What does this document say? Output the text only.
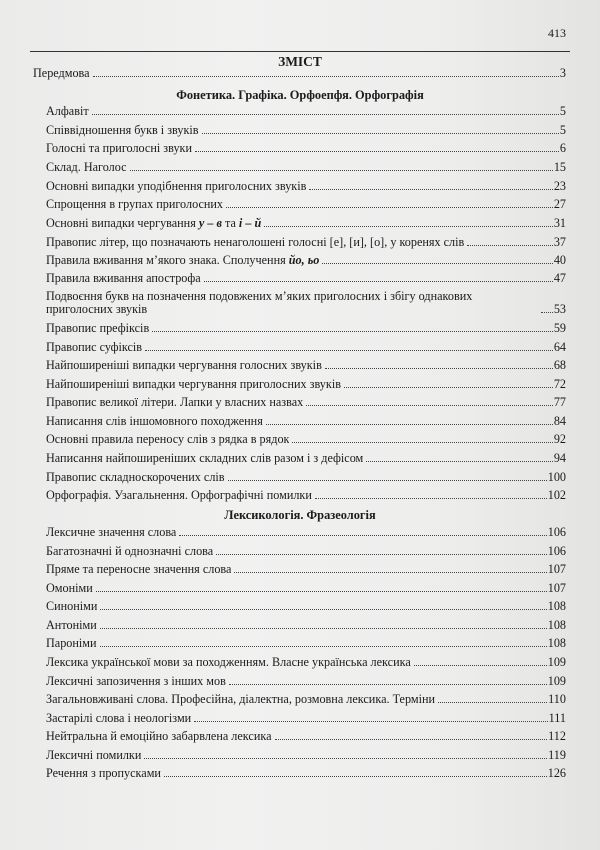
413
ЗМІСТ
Передмова	3
Фонетика. Графіка. Орфоепфя. Орфографія
Алфавіт	5
Співвідношення букв і звуків	5
Голосні та приголосні звуки	6
Склад. Наголос	15
Основні випадки уподібнення приголосних звуків	23
Спрощення в групах приголосних	27
Основні випадки чергування у – в та і – й	31
Правопис літер, що позначають ненаголошені голосні [е], [и], [о], у коренях слів	37
Правила вживання м’якого знака. Сполучення йо, ьо	40
Правила вживання апострофа	47
Подвоєння букв на позначення подовжених м’яких приголосних і збігу однакових приголосних звуків	53
Правопис префіксів	59
Правопис суфіксів	64
Найпоширеніші випадки чергування голосних звуків	68
Найпоширеніші випадки чергування приголосних звуків	72
Правопис великої літери. Лапки у власних назвах	77
Написання слів іншомовного походження	84
Основні правила переносу слів з рядка в рядок	92
Написання найпоширеніших складних слів разом і з дефісом	94
Правопис складноскорочених слів	100
Орфографія. Узагальнення. Орфографічні помилки	102
Лексикологія. Фразеологія
Лексичне значення слова	106
Багатозначні й однозначні слова	106
Пряме та переносне значення слова	107
Омоніми	107
Синоніми	108
Антоніми	108
Пароніми	108
Лексика української мови за походженням. Власне українська лексика	109
Лексичні запозичення з інших мов	109
Загальновживані слова. Професійна, діалектна, розмовна лексика. Терміни	110
Застарілі слова і неологізми	111
Нейтральна й емоційно забарвлена лексика	112
Лексичні помилки	119
Речення з пропусками	126
